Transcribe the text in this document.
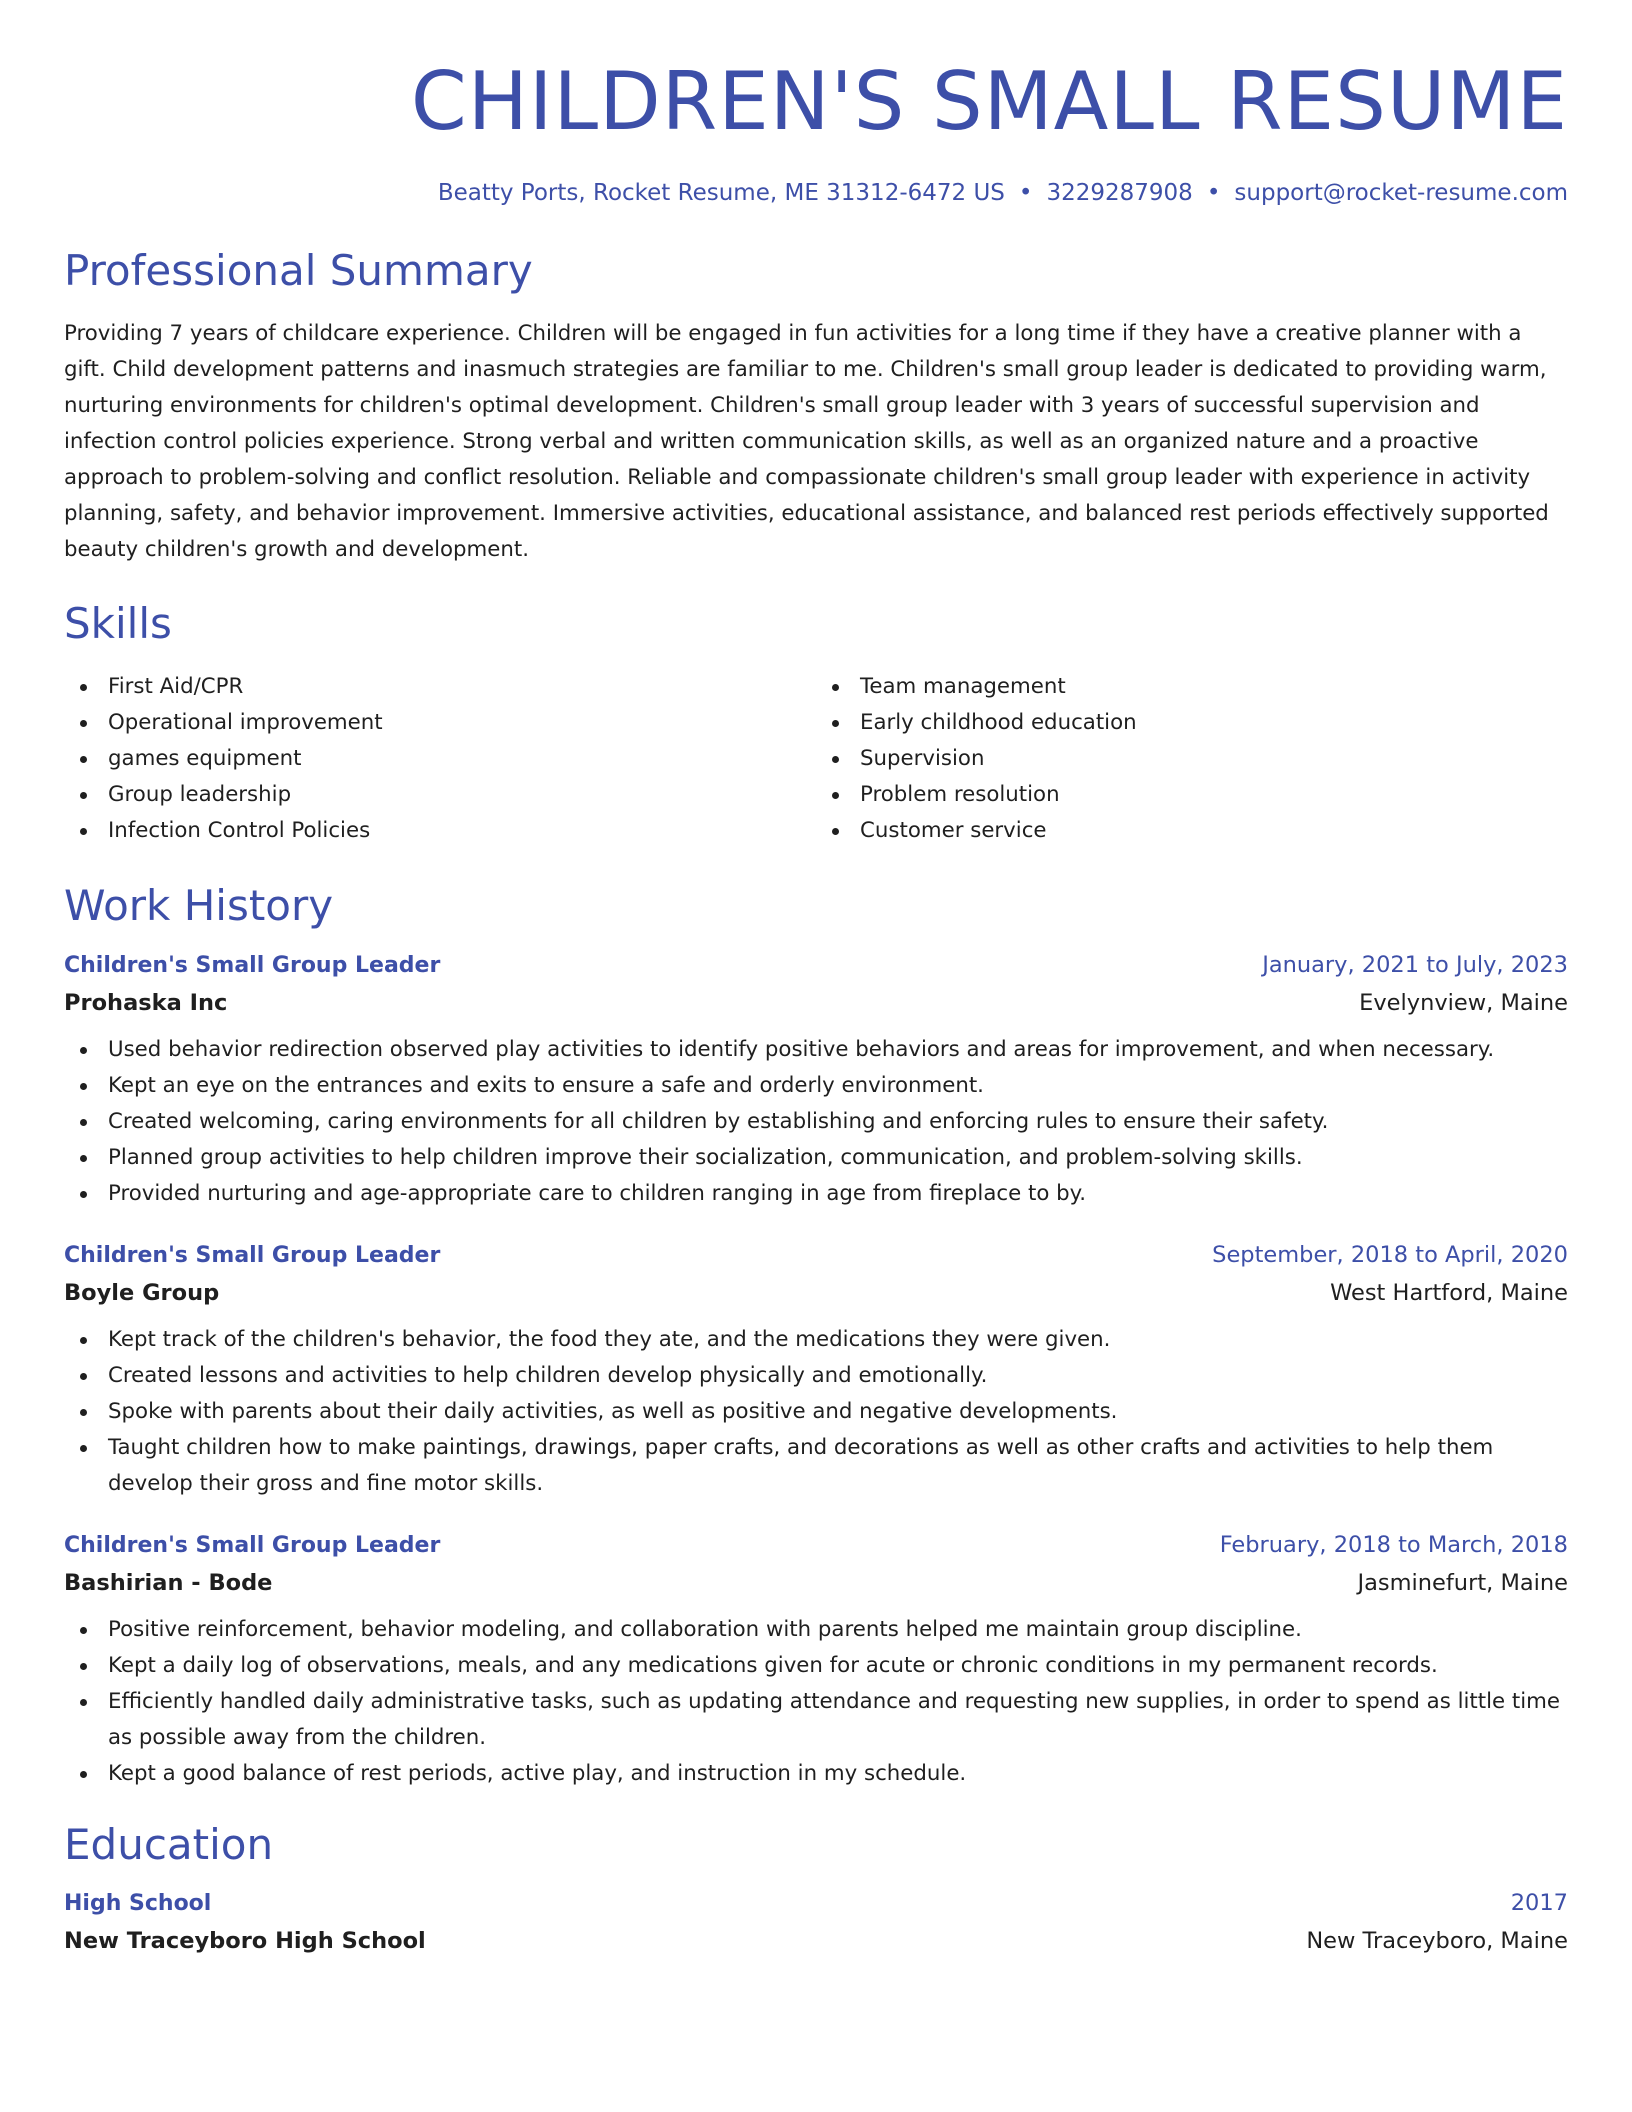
CHILDREN'S SMALL RESUME
Beatty Ports, Rocket Resume, ME 31312-6472 US • 3229287908 • support@rocket-resume.com
Professional Summary

Providing 7 years of childcare experience. Children will be engaged in fun activities for a long time if they have a creative planner with a gift. Child development patterns and inasmuch strategies are familiar to me. Children's small group leader is dedicated to providing warm, nurturing environments for children's optimal development. Children's small group leader with 3 years of successful supervision and infection control policies experience. Strong verbal and written communication skills, as well as an organized nature and a proactive approach to problem-solving and conflict resolution. Reliable and compassionate children's small group leader with experience in activity planning, safety, and behavior improvement. Immersive activities, educational assistance, and balanced rest periods effectively supported beauty children's growth and development.

Skills
First Aid/CPR
Operational improvement
games equipment
Group leadership
Infection Control Policies
Team management
Early childhood education
Supervision
Problem resolution
Customer service
Work History
Children's Small Group Leader	January, 2021 to July, 2023
Prohaska Inc	Evelynview, Maine
Used behavior redirection observed play activities to identify positive behaviors and areas for improvement, and when necessary.
Kept an eye on the entrances and exits to ensure a safe and orderly environment.
Created welcoming, caring environments for all children by establishing and enforcing rules to ensure their safety.
Planned group activities to help children improve their socialization, communication, and problem-solving skills.
Provided nurturing and age-appropriate care to children ranging in age from fireplace to by.
Children's Small Group Leader	September, 2018 to April, 2020
Boyle Group	West Hartford, Maine
Kept track of the children's behavior, the food they ate, and the medications they were given.
Created lessons and activities to help children develop physically and emotionally.
Spoke with parents about their daily activities, as well as positive and negative developments.
Taught children how to make paintings, drawings, paper crafts, and decorations as well as other crafts and activities to help them develop their gross and fine motor skills.
Children's Small Group Leader	February, 2018 to March, 2018
Bashirian - Bode	Jasminefurt, Maine
Positive reinforcement, behavior modeling, and collaboration with parents helped me maintain group discipline.
Kept a daily log of observations, meals, and any medications given for acute or chronic conditions in my permanent records.
Efficiently handled daily administrative tasks, such as updating attendance and requesting new supplies, in order to spend as little time as possible away from the children.
Kept a good balance of rest periods, active play, and instruction in my schedule.
Education
High School	2017
New Traceyboro High School	New Traceyboro, Maine
